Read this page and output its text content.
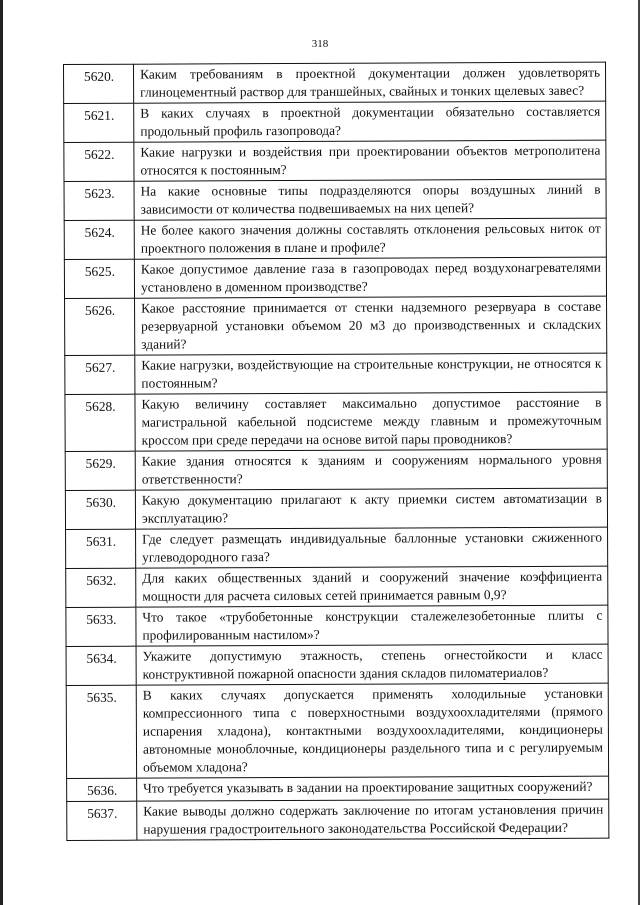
318
5620.	Каким требованиям в проектной документации должен удовлетворять глиноцементный раствор для траншейных, свайных и тонких щелевых завес?
5621.	В каких случаях в проектной документации обязательно составляется продольный профиль газопровода?
5622.	Какие нагрузки и воздействия при проектировании объектов метрополитена относятся к постоянным?
5623.	На какие основные типы подразделяются опоры воздушных линий в зависимости от количества подвешиваемых на них цепей?
5624.	Не более какого значения должны составлять отклонения рельсовых ниток от проектного положения в плане и профиле?
5625.	Какое допустимое давление газа в газопроводах перед воздухонагревателями установлено в доменном производстве?
5626.	Какое расстояние принимается от стенки надземного резервуара в составе резервуарной установки объемом 20 м3 до производственных и складских зданий?
5627.	Какие нагрузки, воздействующие на строительные конструкции, не относятся к постоянным?
5628.	Какую величину составляет максимально допустимое расстояние в магистральной кабельной подсистеме между главным и промежуточным кроссом при среде передачи на основе витой пары проводников?
5629.	Какие здания относятся к зданиям и сооружениям нормального уровня ответственности?
5630.	Какую документацию прилагают к акту приемки систем автоматизации в эксплуатацию?
5631.	Где следует размещать индивидуальные баллонные установки сжиженного углеводородного газа?
5632.	Для каких общественных зданий и сооружений значение коэффициента мощности для расчета силовых сетей принимается равным 0,9?
5633.	Что такое «трубобетонные конструкции сталежелезобетонные плиты с профилированным настилом»?
5634.	Укажите допустимую этажность, степень огнестойкости и класс конструктивной пожарной опасности здания складов пиломатериалов?
5635.	В каких случаях допускается применять холодильные установки компрессионного типа с поверхностными воздухоохладителями (прямого испарения хладона), контактными воздухоохладителями, кондиционеры автономные моноблочные, кондиционеры раздельного типа и с регулируемым объемом хладона?
5636.	Что требуется указывать в задании на проектирование защитных сооружений?
5637.	Какие выводы должно содержать заключение по итогам установления причин нарушения градостроительного законодательства Российской Федерации?
